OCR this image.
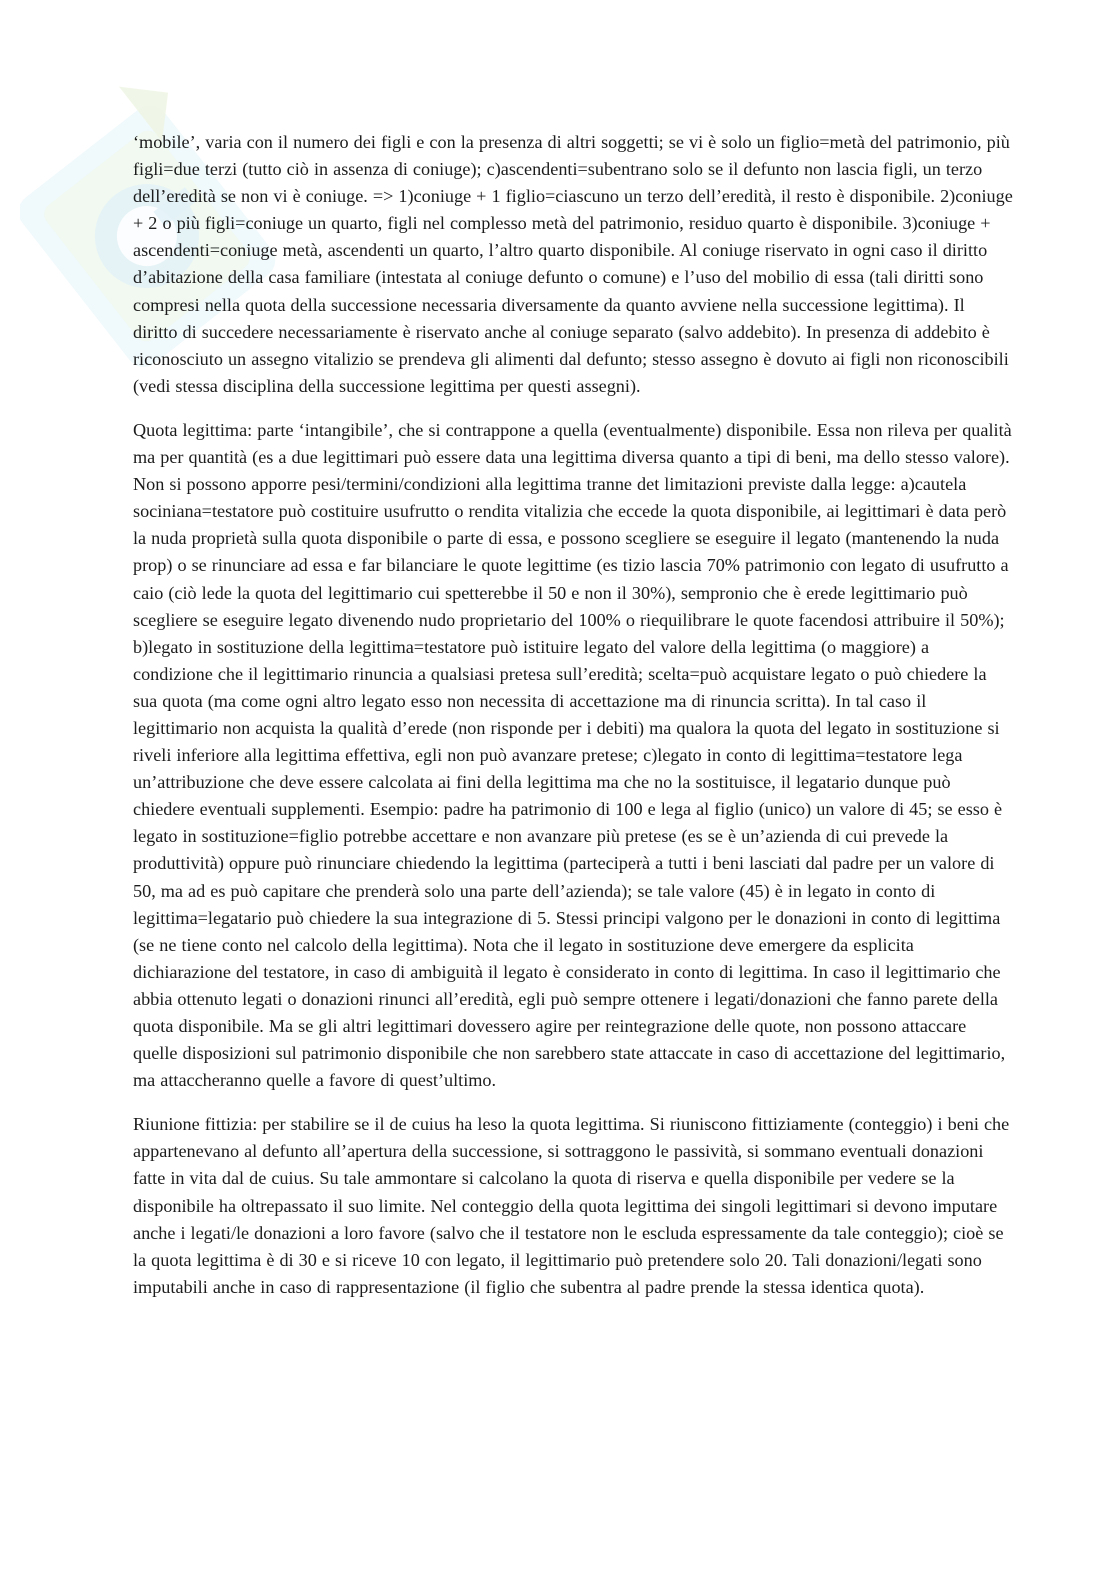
‘mobile’, varia con il numero dei figli e con la presenza di altri soggetti; se vi è solo un figlio=metà del patrimonio, più figli=due terzi (tutto ciò in assenza di coniuge); c)ascendenti=subentrano solo se il defunto non lascia figli, un terzo dell’eredità se non vi è coniuge. => 1)coniuge + 1 figlio=ciascuno un terzo dell’eredità, il resto è disponibile. 2)coniuge + 2 o più figli=coniuge un quarto, figli nel complesso metà del patrimonio, residuo quarto è disponibile. 3)coniuge + ascendenti=coniuge metà, ascendenti un quarto, l’altro quarto disponibile. Al coniuge riservato in ogni caso il diritto d’abitazione della casa familiare (intestata al coniuge defunto o comune) e l’uso del mobilio di essa (tali diritti sono compresi nella quota della successione necessaria diversamente da quanto avviene nella successione legittima). Il diritto di succedere necessariamente è riservato anche al coniuge separato (salvo addebito). In presenza di addebito è riconosciuto un assegno vitalizio se prendeva gli alimenti dal defunto; stesso assegno è dovuto ai figli non riconoscibili (vedi stessa disciplina della successione legittima per questi assegni).

Quota legittima: parte ‘intangibile’, che si contrappone a quella (eventualmente) disponibile. Essa non rileva per qualità ma per quantità (es a due legittimari può essere data una legittima diversa quanto a tipi di beni, ma dello stesso valore). Non si possono apporre pesi/termini/condizioni alla legittima tranne det limitazioni previste dalla legge: a)cautela sociniana=testatore può costituire usufrutto o rendita vitalizia che eccede la quota disponibile, ai legittimari è data però la nuda proprietà sulla quota disponibile o parte di essa, e possono scegliere se eseguire il legato (mantenendo la nuda prop) o se rinunciare ad essa e far bilanciare le quote legittime (es tizio lascia 70% patrimonio con legato di usufrutto a caio (ciò lede la quota del legittimario cui spetterebbe il 50 e non il 30%), sempronio che è erede legittimario può scegliere se eseguire legato divenendo nudo proprietario del 100% o riequilibrare le quote facendosi attribuire il 50%); b)legato in sostituzione della legittima=testatore può istituire legato del valore della legittima (o maggiore) a condizione che il legittimario rinuncia a qualsiasi pretesa sull’eredità; scelta=può acquistare legato o può chiedere la sua quota (ma come ogni altro legato esso non necessita di accettazione ma di rinuncia scritta). In tal caso il legittimario non acquista la qualità d’erede (non risponde per i debiti) ma qualora la quota del legato in sostituzione si riveli inferiore alla legittima effettiva, egli non può avanzare pretese; c)legato in conto di legittima=testatore lega un’attribuzione che deve essere calcolata ai fini della legittima ma che no la sostituisce, il legatario dunque può chiedere eventuali supplementi. Esempio: padre ha patrimonio di 100 e lega al figlio (unico) un valore di 45; se esso è legato in sostituzione=figlio potrebbe accettare e non avanzare più pretese (es se è un’azienda di cui prevede la produttività) oppure può rinunciare chiedendo la legittima (parteciperà a tutti i beni lasciati dal padre per un valore di 50, ma ad es può capitare che prenderà solo una parte dell’azienda); se tale valore (45) è in legato in conto di legittima=legatario può chiedere la sua integrazione di 5. Stessi principi valgono per le donazioni in conto di legittima (se ne tiene conto nel calcolo della legittima). Nota che il legato in sostituzione deve emergere da esplicita dichiarazione del testatore, in caso di ambiguità il legato è considerato in conto di legittima. In caso il legittimario che abbia ottenuto legati o donazioni rinunci all’eredità, egli può sempre ottenere i legati/donazioni che fanno parete della quota disponibile. Ma se gli altri legittimari dovessero agire per reintegrazione delle quote, non possono attaccare quelle disposizioni sul patrimonio disponibile che non sarebbero state attaccate in caso di accettazione del legittimario, ma attaccheranno quelle a favore di quest’ultimo.

Riunione fittizia: per stabilire se il de cuius ha leso la quota legittima. Si riuniscono fittiziamente (conteggio) i beni che appartenevano al defunto all’apertura della successione, si sottraggono le passività, si sommano eventuali donazioni fatte in vita dal de cuius. Su tale ammontare si calcolano la quota di riserva e quella disponibile per vedere se la disponibile ha oltrepassato il suo limite. Nel conteggio della quota legittima dei singoli legittimari si devono imputare anche i legati/le donazioni a loro favore (salvo che il testatore non le escluda espressamente da tale conteggio); cioè se la quota legittima è di 30 e si riceve 10 con legato, il legittimario può pretendere solo 20. Tali donazioni/legati sono imputabili anche in caso di rappresentazione (il figlio che subentra al padre prende la stessa identica quota).
